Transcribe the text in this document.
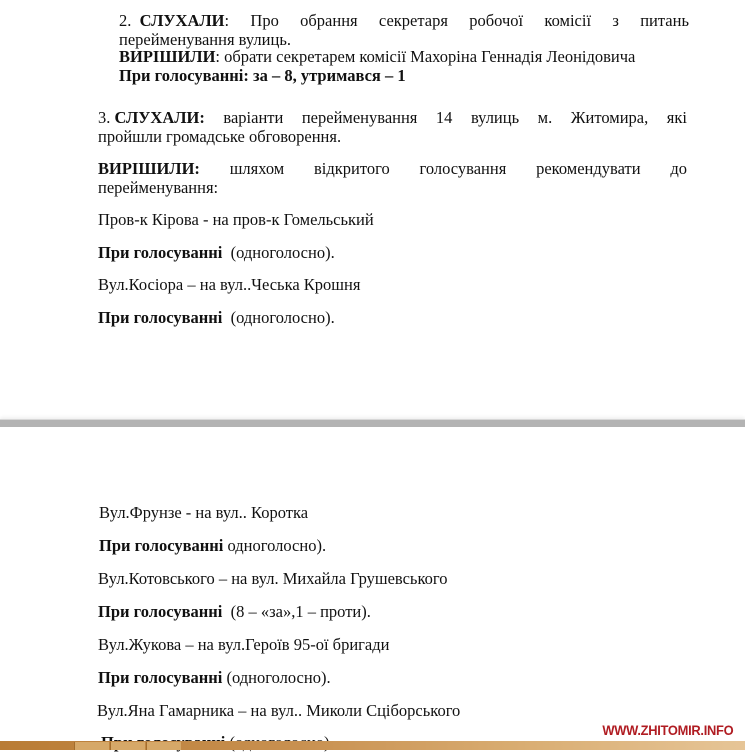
2. СЛУХАЛИ: Про обрання секретаря робочої комісії з питань
перейменування вулиць.
ВИРІШИЛИ: обрати секретарем комісії Махоріна Геннадія Леонідовича
При голосуванні: за – 8, утримався – 1
3. СЛУХАЛИ: варіанти перейменування 14 вулиць м. Житомира, які
пройшли громадське обговорення.
ВИРІШИЛИ: шляхом відкритого голосування рекомендувати до
перейменування:
Пров-к Кірова - на пров-к Гомельський
При голосуванні  (одноголосно).
Вул.Косіора – на вул..Чеська Крошня
При голосуванні  (одноголосно).
Вул.Фрунзе - на вул.. Коротка
При голосуванні одноголосно).
Вул.Котовського – на вул. Михайла Грушевського
При голосуванні  (8 – «за»,1 – проти).
Вул.Жукова – на вул.Героїв 95-ої бригади
При голосуванні (одноголосно).
Вул.Яна Гамарника – на вул.. Миколи Сціборського
WWW.ZHITOMIR.INFO
